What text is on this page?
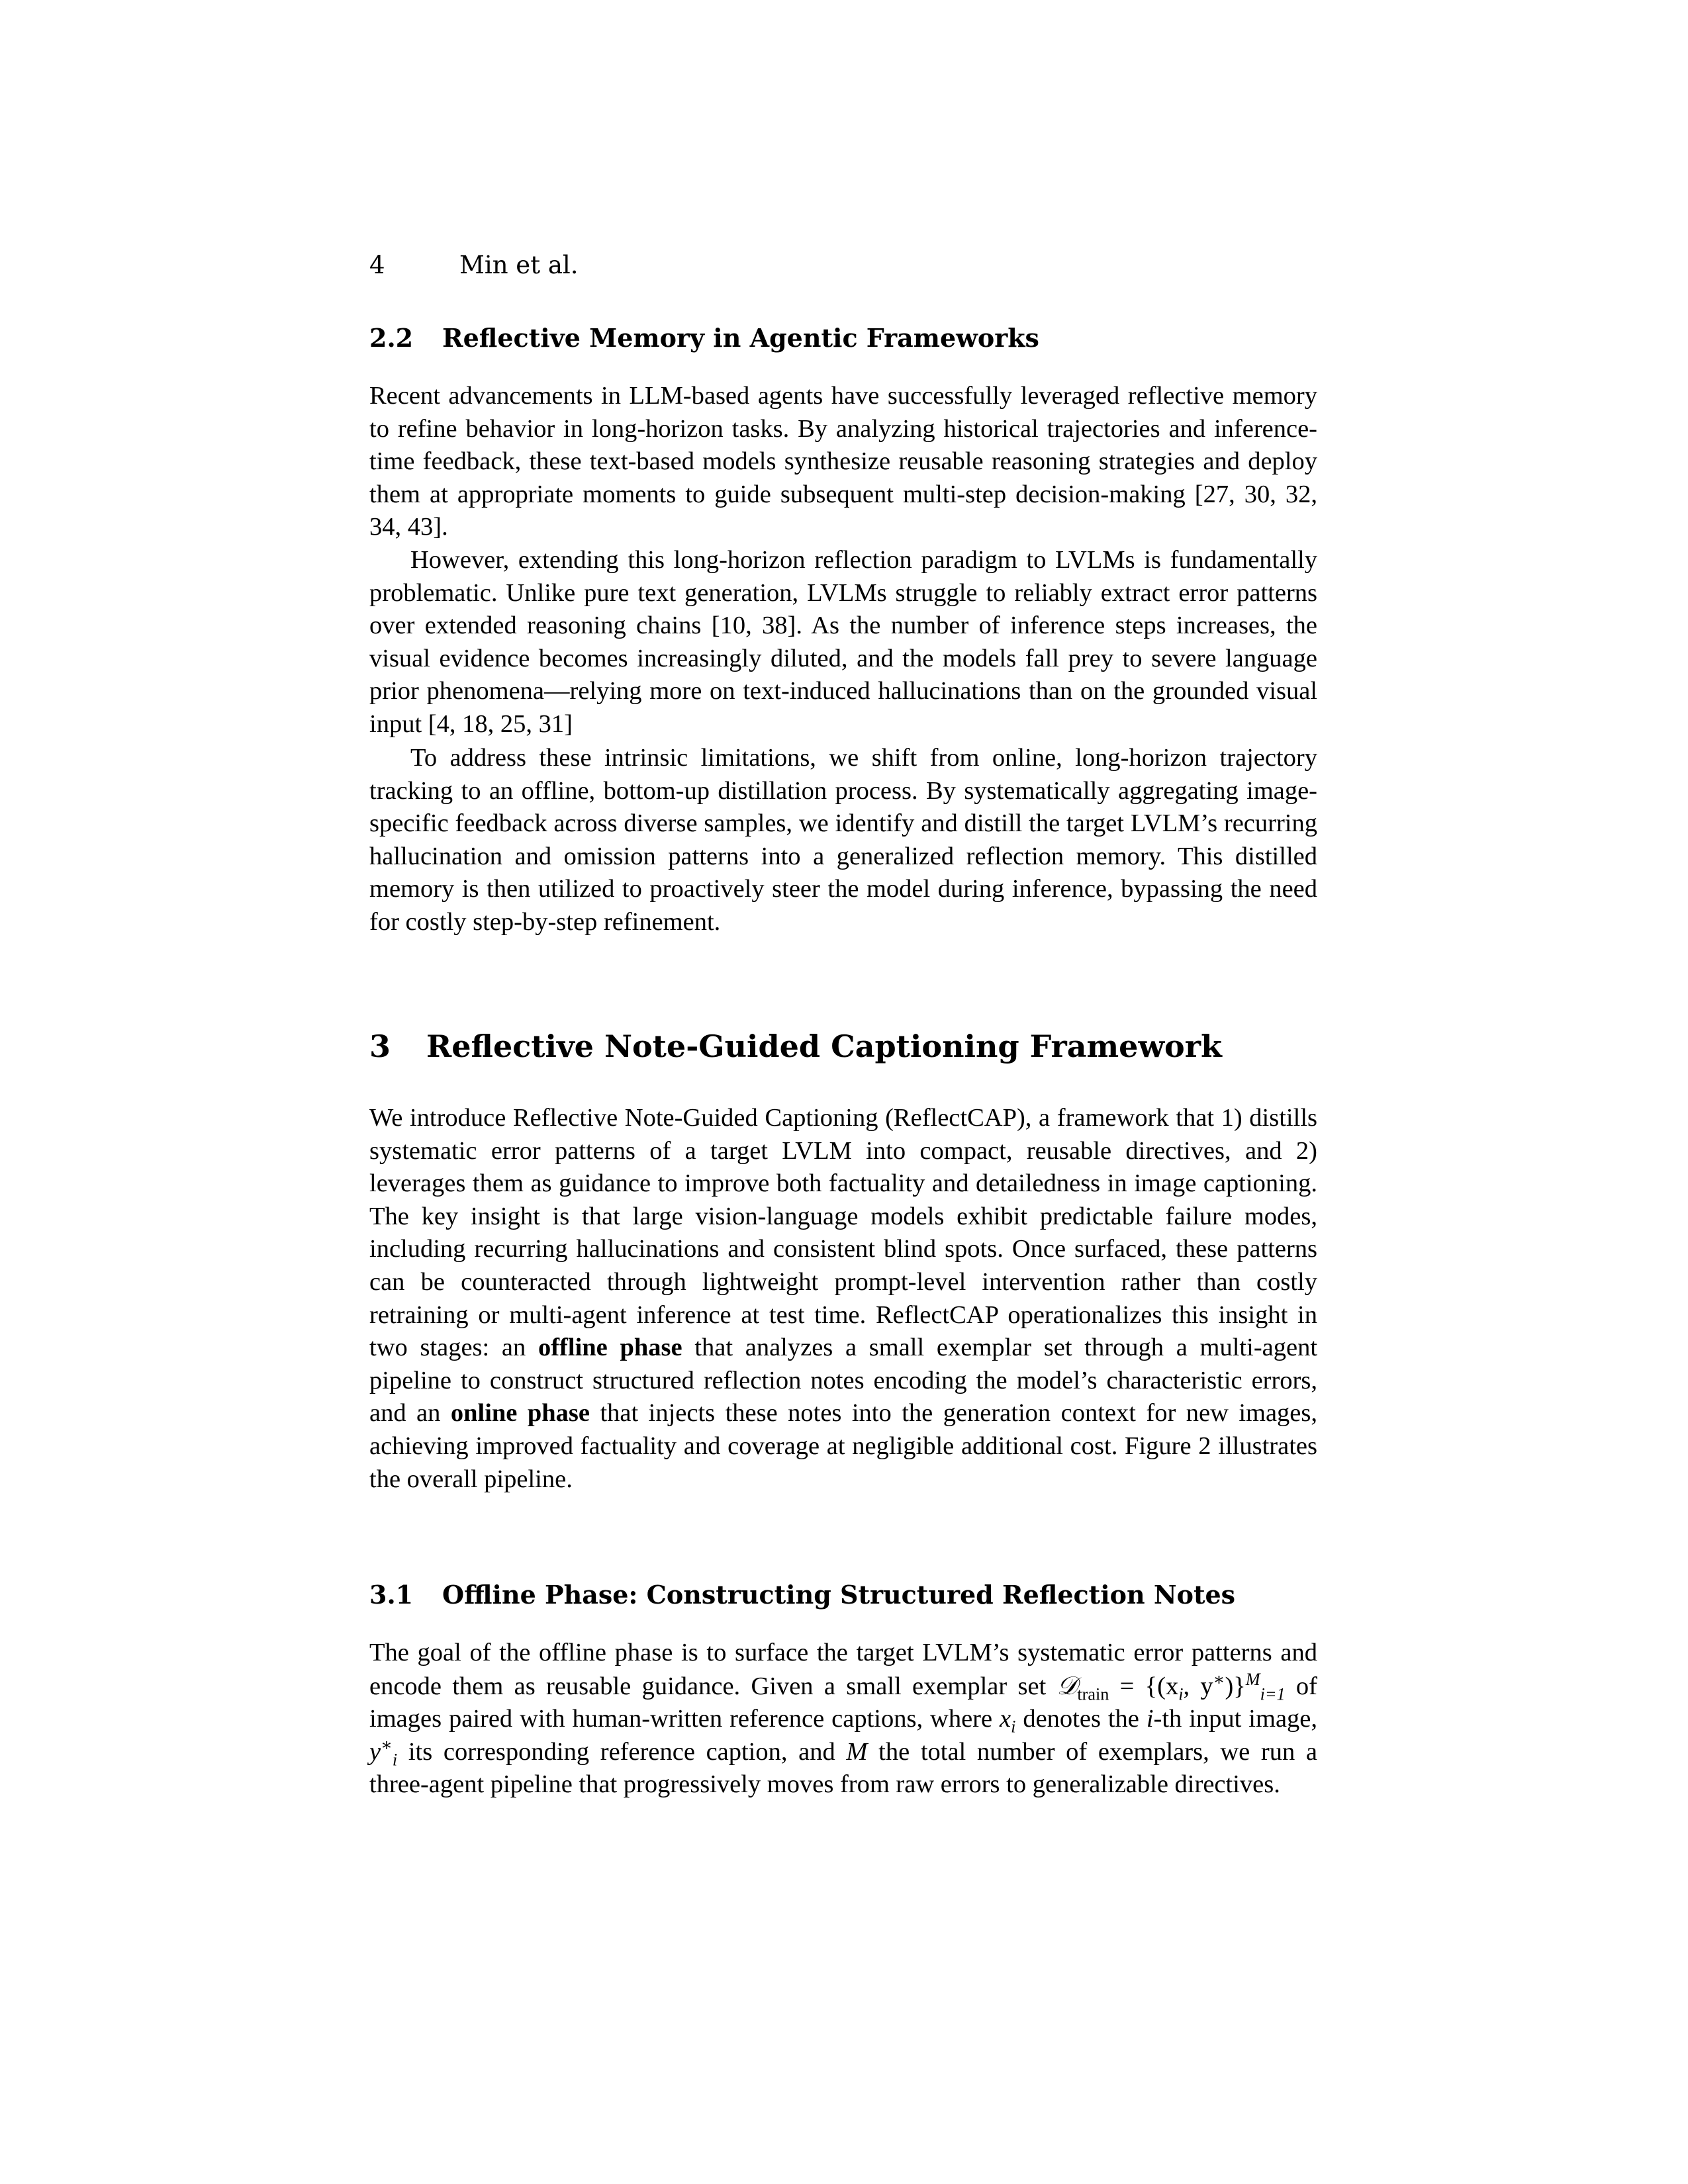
4	Min et al.
2.2 Reflective Memory in Agentic Frameworks

Recent advancements in LLM-based agents have successfully leveraged reflective memory to refine behavior in long-horizon tasks. By analyzing historical trajectories and inference-time feedback, these text-based models synthesize reusable reasoning strategies and deploy them at appropriate moments to guide subsequent multi-step decision-making [27, 30, 32, 34, 43].

However, extending this long-horizon reflection paradigm to LVLMs is fundamentally problematic. Unlike pure text generation, LVLMs struggle to reliably extract error patterns over extended reasoning chains [10, 38]. As the number of inference steps increases, the visual evidence becomes increasingly diluted, and the models fall prey to severe language prior phenomena—relying more on text-induced hallucinations than on the grounded visual input [4, 18, 25, 31]

To address these intrinsic limitations, we shift from online, long-horizon trajectory tracking to an offline, bottom-up distillation process. By systematically aggregating image-specific feedback across diverse samples, we identify and distill the target LVLM’s recurring hallucination and omission patterns into a generalized reflection memory. This distilled memory is then utilized to proactively steer the model during inference, bypassing the need for costly step-by-step refinement.

3 Reflective Note-Guided Captioning Framework

We introduce Reflective Note-Guided Captioning (ReflectCAP), a framework that 1) distills systematic error patterns of a target LVLM into compact, reusable directives, and 2) leverages them as guidance to improve both factuality and detailedness in image captioning. The key insight is that large vision-language models exhibit predictable failure modes, including recurring hallucinations and consistent blind spots. Once surfaced, these patterns can be counteracted through lightweight prompt-level intervention rather than costly retraining or multi-agent inference at test time. ReflectCAP operationalizes this insight in two stages: an offline phase that analyzes a small exemplar set through a multi-agent pipeline to construct structured reflection notes encoding the model’s characteristic errors, and an online phase that injects these notes into the generation context for new images, achieving improved factuality and coverage at negligible additional cost. Figure 2 illustrates the overall pipeline.

3.1 Offline Phase: Constructing Structured Reflection Notes

The goal of the offline phase is to surface the target LVLM’s systematic error patterns and encode them as reusable guidance. Given a small exemplar set 𝒟$_{train}$ = {($x_i$, y∗)}$^M_{i=1}$ of images paired with human-written reference captions, where $x_i$ denotes the i-th input image, $y^∗_i$ its corresponding reference caption, and M the total number of exemplars, we run a three-agent pipeline that progressively moves from raw errors to generalizable directives.
